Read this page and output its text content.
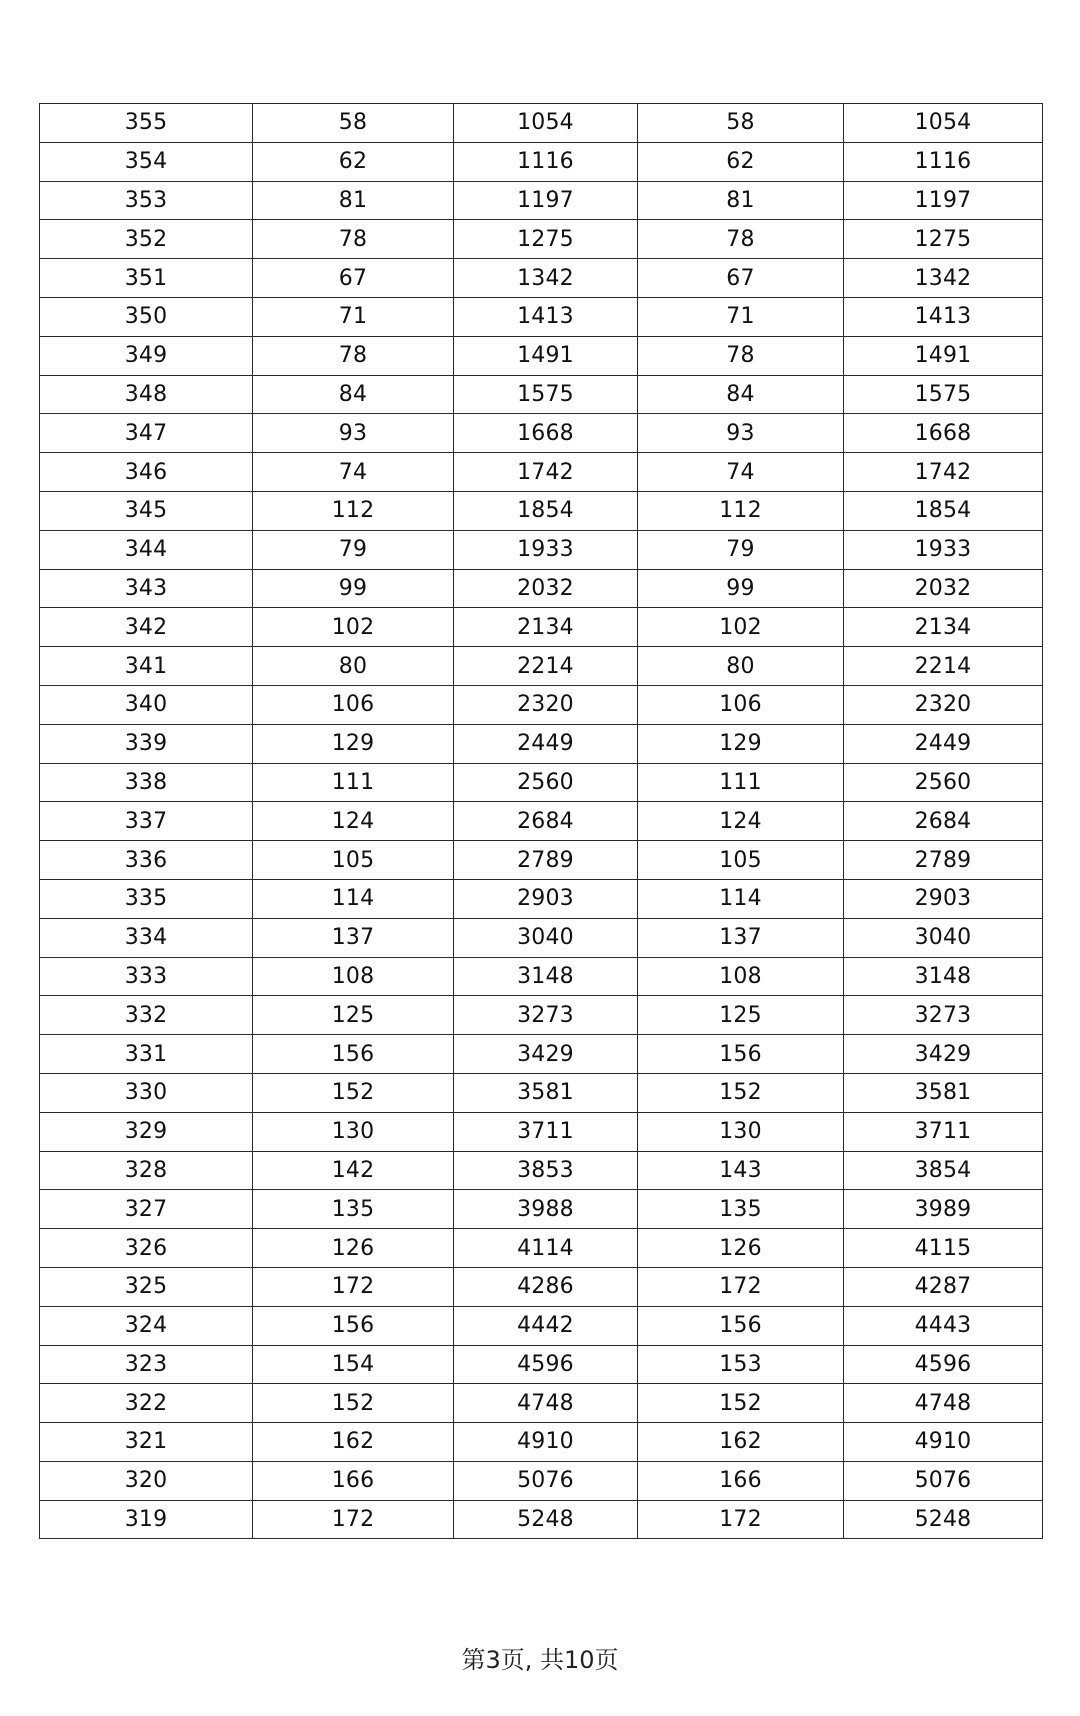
355	58	1054	58	1054
354	62	1116	62	1116
353	81	1197	81	1197
352	78	1275	78	1275
351	67	1342	67	1342
350	71	1413	71	1413
349	78	1491	78	1491
348	84	1575	84	1575
347	93	1668	93	1668
346	74	1742	74	1742
345	112	1854	112	1854
344	79	1933	79	1933
343	99	2032	99	2032
342	102	2134	102	2134
341	80	2214	80	2214
340	106	2320	106	2320
339	129	2449	129	2449
338	111	2560	111	2560
337	124	2684	124	2684
336	105	2789	105	2789
335	114	2903	114	2903
334	137	3040	137	3040
333	108	3148	108	3148
332	125	3273	125	3273
331	156	3429	156	3429
330	152	3581	152	3581
329	130	3711	130	3711
328	142	3853	143	3854
327	135	3988	135	3989
326	126	4114	126	4115
325	172	4286	172	4287
324	156	4442	156	4443
323	154	4596	153	4596
322	152	4748	152	4748
321	162	4910	162	4910
320	166	5076	166	5076
319	172	5248	172	5248
第3页, 共10页
